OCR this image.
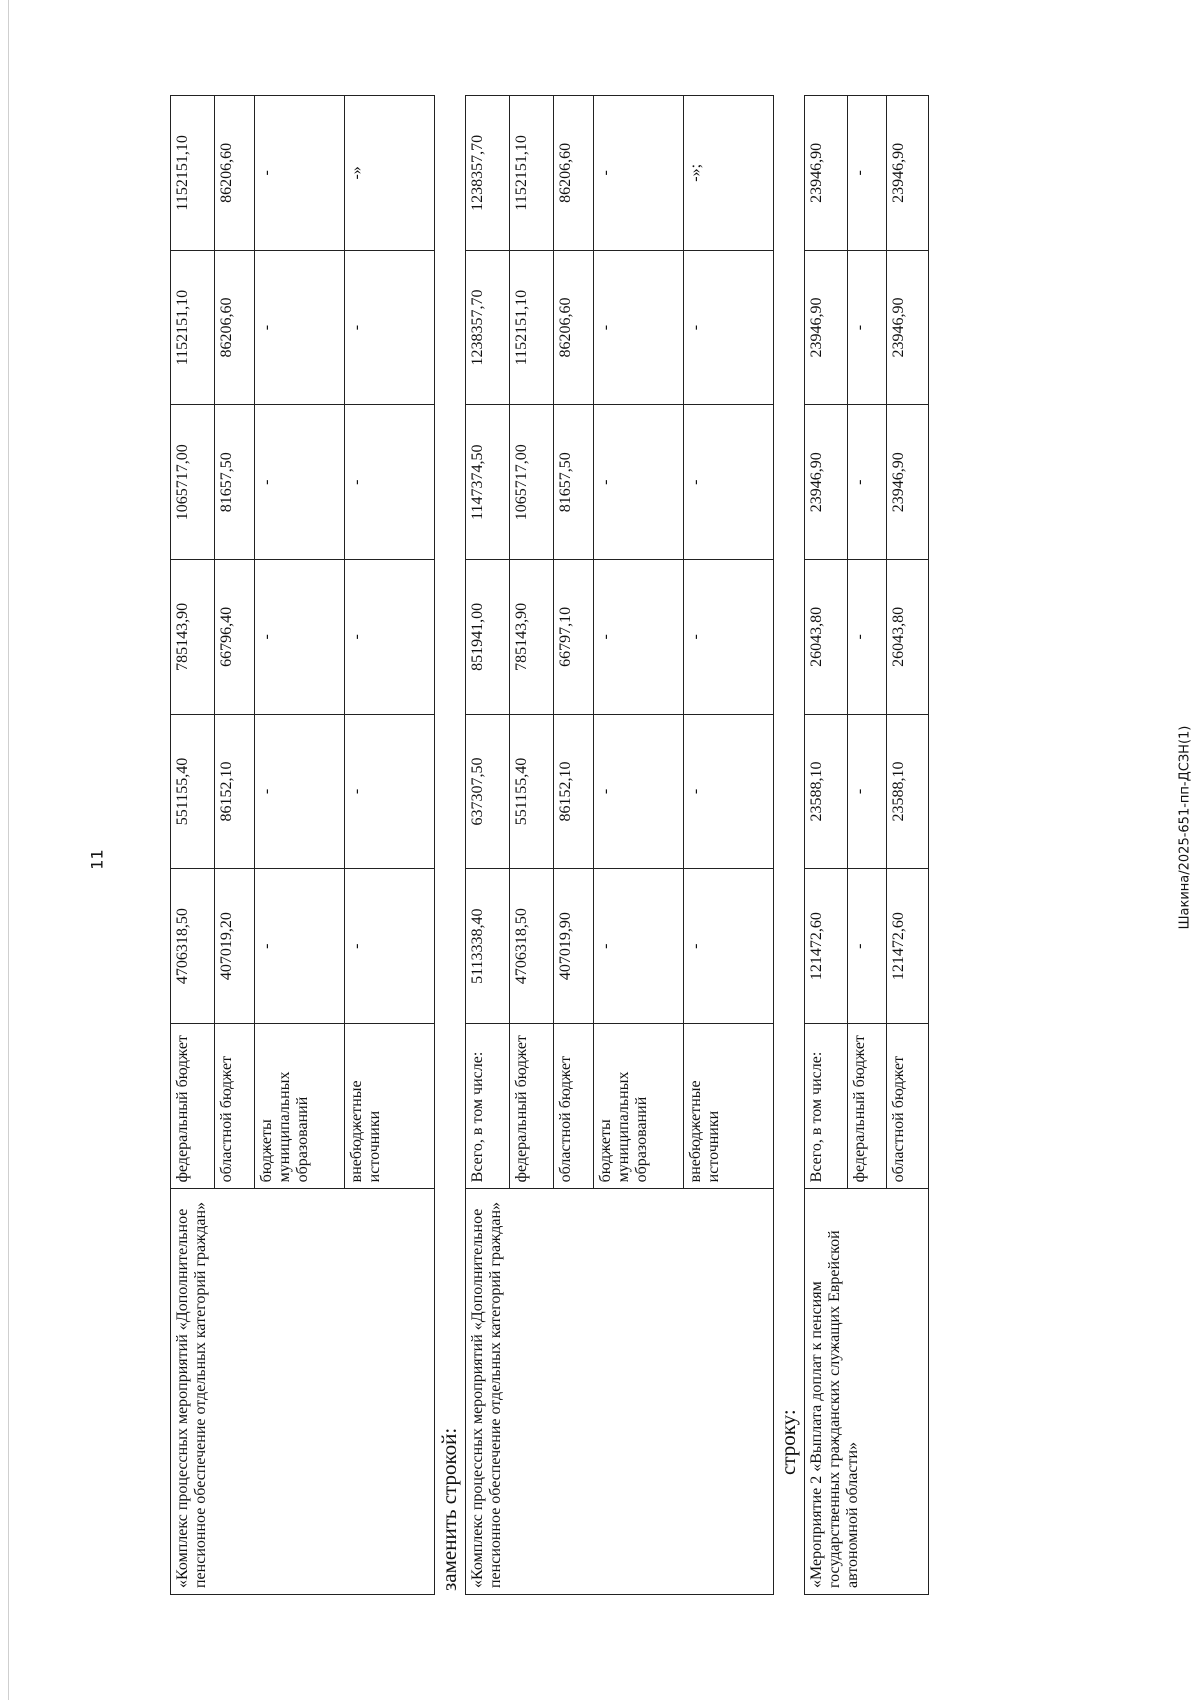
11	Шакина/2025-651-пп-ДСЗН(1)
«Комплекс процессных мероприятий «Дополнительное пенсионное обеспечение отдельных категорий граждан»	федеральный бюджет	4706318,50	551155,40	785143,90	1065717,00	1152151,10	1152151,10
	областной бюджет	407019,20	86152,10	66796,40	81657,50	86206,60	86206,60
	бюджеты муниципальных образований	-	-	-	-	-	-
	внебюджетные источники	-	-	-	-	-	-»
заменить строкой: «Комплекс процессных мероприятий «Дополнительное пенсионное обеспечение отдельных категорий граждан»	Всего, в том числе:	5113338,40	637307,50	851941,00	1147374,50	1238357,70	1238357,70
	федеральный бюджет	4706318,50	551155,40	785143,90	1065717,00	1152151,10	1152151,10
	областной бюджет	407019,90	86152,10	66797,10	81657,50	86206,60	86206,60
	бюджеты муниципальных образований	-	-	-	-	-	-
	внебюджетные источники	-	-	-	-	-	-»;
строку: «Мероприятие 2 «Выплата доплат к пенсиям государственных гражданских служащих Еврейской автономной области»	Всего, в том числе:	121472,60	23588,10	26043,80	23946,90	23946,90	23946,90
	федеральный бюджет	-	-	-	-	-	-
	областной бюджет	121472,60	23588,10	26043,80	23946,90	23946,90	23946,90
